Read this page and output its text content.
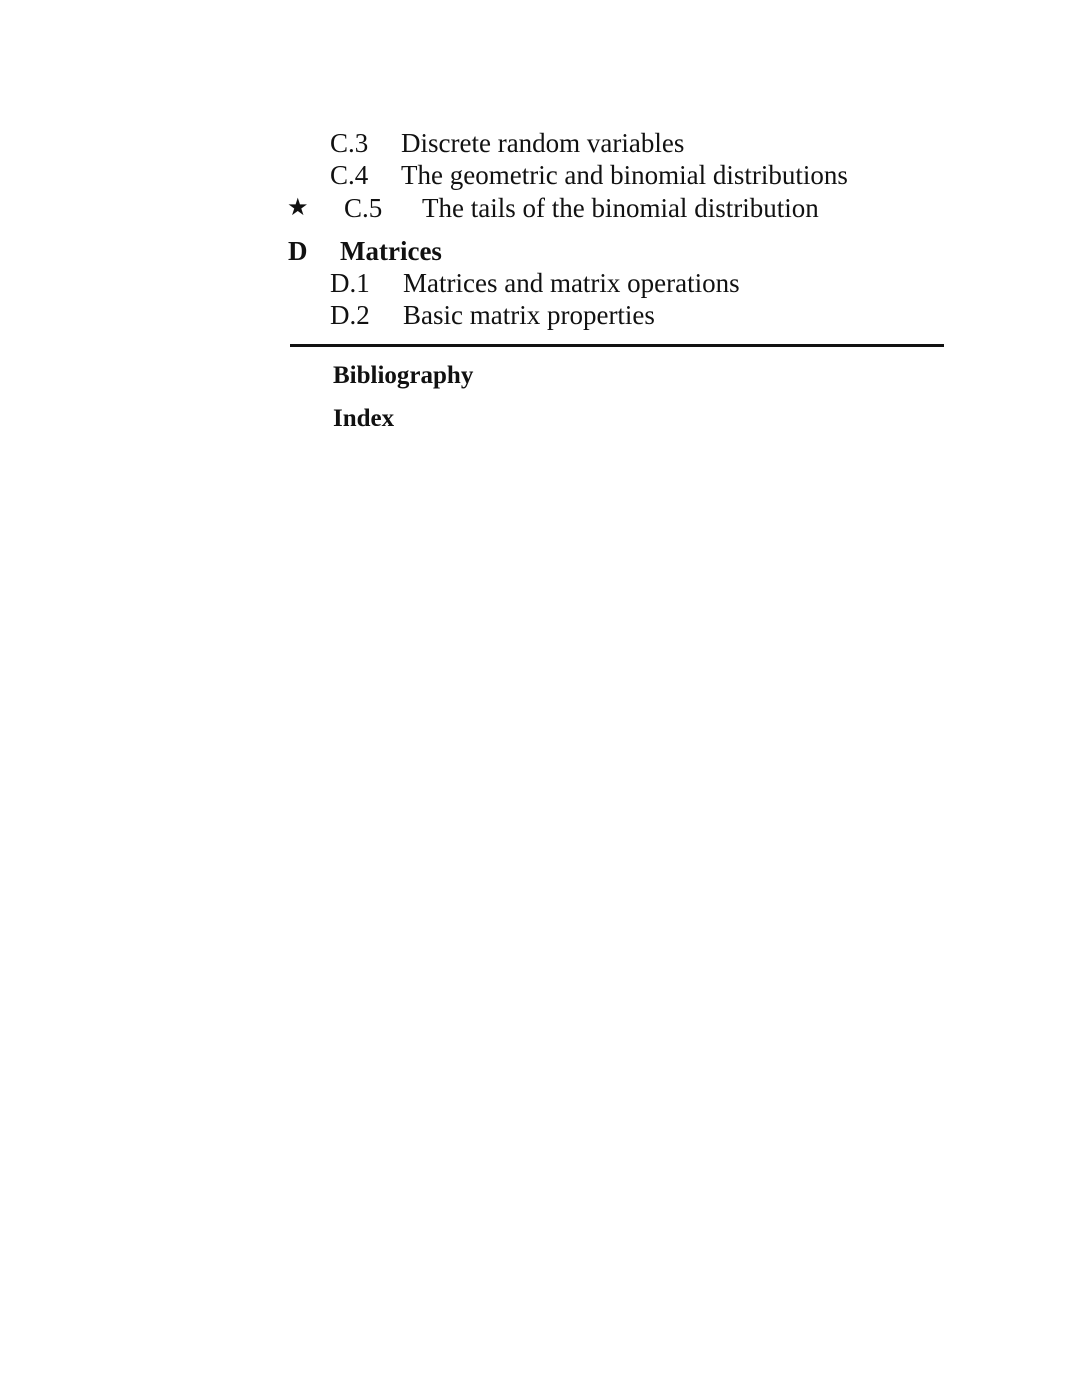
C.3 Discrete random variables
C.4 The geometric and binomial distributions
★ C.5 The tails of the binomial distribution
D Matrices
D.1 Matrices and matrix operations
D.2 Basic matrix properties
Bibliography
Index
